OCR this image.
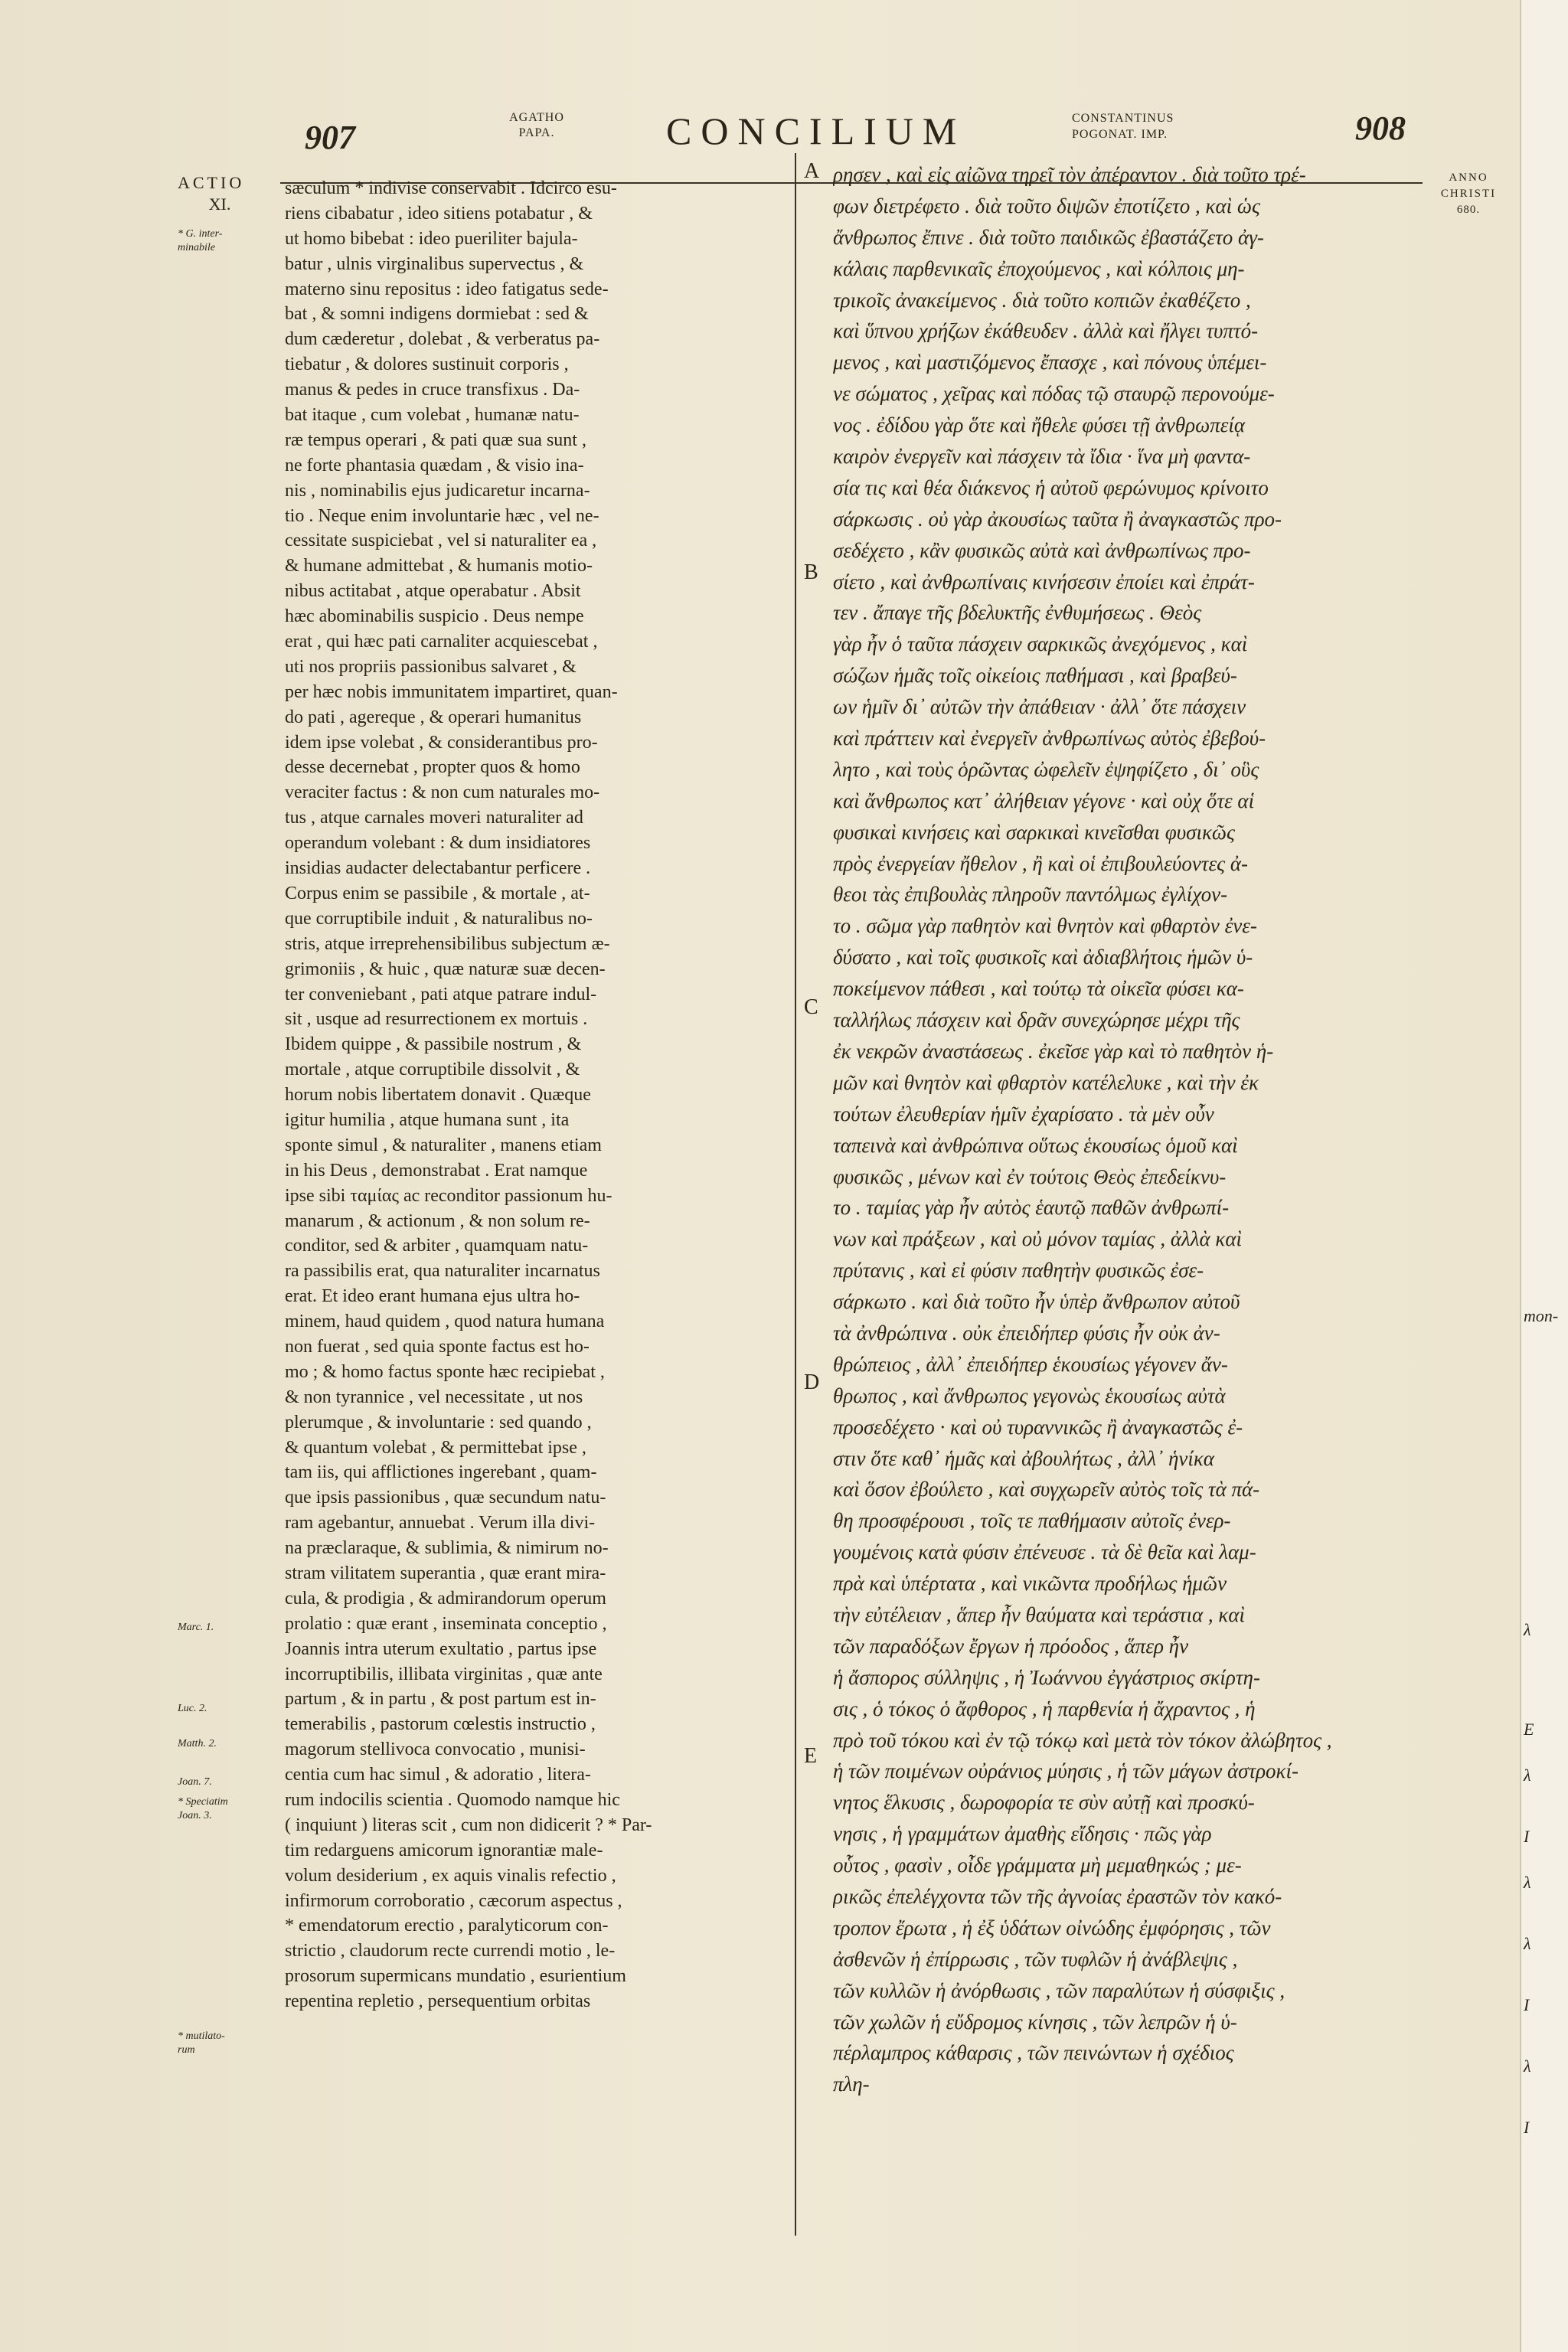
907
AGATHO
PAPA.	CONCILIUM	CONSTANTINUS
POGONAT. IMP.	908
ACTIO
XI.
* G. inter-
minabile
Marc. 1.
Luc. 2.
Matth. 2.
Joan. 7.
* Speciatim
Joan. 3.
* mutilato-
rum
ANNO
CHRISTI
680.
sæculum * indivise conservabit . Idcirco esu-
riens cibabatur , ideo sitiens potabatur , &
ut homo bibebat : ideo pueriliter bajula-
batur , ulnis virginalibus supervectus , &
materno sinu repositus : ideo fatigatus sede-
bat , & somni indigens dormiebat : sed &
dum cæderetur , dolebat , & verberatus pa-
tiebatur , & dolores sustinuit corporis ,
manus & pedes in cruce transfixus . Da-
bat itaque , cum volebat , humanæ natu-
ræ tempus operari , & pati quæ sua sunt ,
ne forte phantasia quædam , & visio ina-
nis , nominabilis ejus judicaretur incarna-
tio . Neque enim involuntarie hæc , vel ne-
cessitate suspiciebat , vel si naturaliter ea ,
& humane admittebat , & humanis motio-
nibus actitabat , atque operabatur . Absit
hæc abominabilis suspicio . Deus nempe
erat , qui hæc pati carnaliter acquiescebat ,
uti nos propriis passionibus salvaret , &
per hæc nobis immunitatem impartiret, quan-
do pati , agereque , & operari humanitus
idem ipse volebat , & considerantibus pro-
desse decernebat , propter quos & homo
veraciter factus : & non cum naturales mo-
tus , atque carnales moveri naturaliter ad
operandum volebant : & dum insidiatores
insidias audacter delectabantur perficere .
Corpus enim se passibile , & mortale , at-
que corruptibile induit , & naturalibus no-
stris, atque irreprehensibilibus subjectum æ-
grimoniis , & huic , quæ naturæ suæ decen-
ter conveniebant , pati atque patrare indul-
sit , usque ad resurrectionem ex mortuis .
Ibidem quippe , & passibile nostrum , &
mortale , atque corruptibile dissolvit , &
horum nobis libertatem donavit . Quæque
igitur humilia , atque humana sunt , ita
sponte simul , & naturaliter , manens etiam
in his Deus , demonstrabat . Erat namque
ipse sibi ταμίας ac reconditor passionum hu-
manarum , & actionum , & non solum re-
conditor, sed & arbiter , quamquam natu-
ra passibilis erat, qua naturaliter incarnatus
erat. Et ideo erant humana ejus ultra ho-
minem, haud quidem , quod natura humana
non fuerat , sed quia sponte factus est ho-
mo ; & homo factus sponte hæc recipiebat ,
& non tyrannice , vel necessitate , ut nos
plerumque , & involuntarie : sed quando ,
& quantum volebat , & permittebat ipse ,
tam iis, qui afflictiones ingerebant , quam-
que ipsis passionibus , quæ secundum natu-
ram agebantur, annuebat . Verum illa divi-
na præclaraque, & sublimia, & nimirum no-
stram vilitatem superantia , quæ erant mira-
cula, & prodigia , & admirandorum operum
prolatio : quæ erant , inseminata conceptio ,
Joannis intra uterum exultatio , partus ipse
incorruptibilis, illibata virginitas , quæ ante
partum , & in partu , & post partum est in-
temerabilis , pastorum cœlestis instructio ,
magorum stellivoca convocatio , munisi-
centia cum hac simul , & adoratio , litera-
rum indocilis scientia . Quomodo namque hic
( inquiunt ) literas scit , cum non didicerit ? * Par-
tim redarguens amicorum ignorantiæ male-
volum desiderium , ex aquis vinalis refectio ,
infirmorum corroboratio , cæcorum aspectus ,
* emendatorum erectio , paralyticorum con-
strictio , claudorum recte currendi motio , le-
prosorum supermicans mundatio , esurientium
repentina repletio , persequentium orbitas
ρησεν , καὶ εἰς αἰῶνα τηρεῖ τὸν ἀπέραντον . διὰ τοῦτο τρέ-
φων διετρέφετο . διὰ τοῦτο διψῶν ἐποτίζετο , καὶ ὡς
ἄνθρωπος ἔπινε . διὰ τοῦτο παιδικῶς ἐβαστάζετο ἀγ-
κάλαις παρθενικαῖς ἐποχούμενος , καὶ κόλποις μη-
τρικοῖς ἀνακείμενος . διὰ τοῦτο κοπιῶν ἐκαθέζετο ,
καὶ ὕπνου χρήζων ἐκάθευδεν . ἀλλὰ καὶ ἤλγει τυπτό-
μενος , καὶ μαστιζόμενος ἔπασχε , καὶ πόνους ὑπέμει-
νε σώματος , χεῖρας καὶ πόδας τῷ σταυρῷ περονούμε-
νος . ἐδίδου γὰρ ὅτε καὶ ἤθελε φύσει τῇ ἀνθρωπείᾳ
καιρὸν ἐνεργεῖν καὶ πάσχειν τὰ ἴδια · ἵνα μὴ φαντα-
σία τις καὶ θέα διάκενος ἡ αὐτοῦ φερώνυμος κρίνοιτο
σάρκωσις . οὐ γὰρ ἀκουσίως ταῦτα ἢ ἀναγκαστῶς προ-
σεδέχετο , κἂν φυσικῶς αὐτὰ καὶ ἀνθρωπίνως προ-
σίετο , καὶ ἀνθρωπίναις κινήσεσιν ἐποίει καὶ ἐπράτ-
τεν . ἄπαγε τῆς βδελυκτῆς ἐνθυμήσεως . Θεὸς
γὰρ ἦν ὁ ταῦτα πάσχειν σαρκικῶς ἀνεχόμενος , καὶ
σώζων ἡμᾶς τοῖς οἰκείοις παθήμασι , καὶ βραβεύ-
ων ἡμῖν δι᾽ αὐτῶν τὴν ἀπάθειαν · ἀλλ᾽ ὅτε πάσχειν
καὶ πράττειν καὶ ἐνεργεῖν ἀνθρωπίνως αὐτὸς ἐβεβού-
λητο , καὶ τοὺς ὁρῶντας ὠφελεῖν ἐψηφίζετο , δι᾽ οὓς
καὶ ἄνθρωπος κατ᾽ ἀλήθειαν γέγονε · καὶ οὐχ ὅτε αἱ
φυσικαὶ κινήσεις καὶ σαρκικαὶ κινεῖσθαι φυσικῶς
πρὸς ἐνεργείαν ἤθελον , ἢ καὶ οἱ ἐπιβουλεύοντες ἀ-
θεοι τὰς ἐπιβουλὰς πληροῦν παντόλμως ἐγλίχον-
το . σῶμα γὰρ παθητὸν καὶ θνητὸν καὶ φθαρτὸν ἐνε-
δύσατο , καὶ τοῖς φυσικοῖς καὶ ἀδιαβλήτοις ἡμῶν ὑ-
ποκείμενον πάθεσι , καὶ τούτῳ τὰ οἰκεῖα φύσει κα-
ταλλήλως πάσχειν καὶ δρᾶν συνεχώρησε μέχρι τῆς
ἐκ νεκρῶν ἀναστάσεως . ἐκεῖσε γὰρ καὶ τὸ παθητὸν ἡ-
μῶν καὶ θνητὸν καὶ φθαρτὸν κατέλελυκε , καὶ τὴν ἐκ
τούτων ἐλευθερίαν ἡμῖν ἐχαρίσατο . τὰ μὲν οὖν
ταπεινὰ καὶ ἀνθρώπινα οὕτως ἑκουσίως ὁμοῦ καὶ
φυσικῶς , μένων καὶ ἐν τούτοις Θεὸς ἐπεδείκνυ-
το . ταμίας γὰρ ἦν αὐτὸς ἑαυτῷ παθῶν ἀνθρωπί-
νων καὶ πράξεων , καὶ οὐ μόνον ταμίας , ἀλλὰ καὶ
πρύτανις , καὶ εἰ φύσιν παθητὴν φυσικῶς ἐσε-
σάρκωτο . καὶ διὰ τοῦτο ἦν ὑπὲρ ἄνθρωπον αὐτοῦ
τὰ ἀνθρώπινα . οὐκ ἐπειδήπερ φύσις ἦν οὐκ ἀν-
θρώπειος , ἀλλ᾽ ἐπειδήπερ ἑκουσίως γέγονεν ἄν-
θρωπος , καὶ ἄνθρωπος γεγονὼς ἑκουσίως αὐτὰ
προσεδέχετο · καὶ οὐ τυραννικῶς ἢ ἀναγκαστῶς ἐ-
στιν ὅτε καθ᾽ ἡμᾶς καὶ ἀβουλήτως , ἀλλ᾽ ἡνίκα
καὶ ὅσον ἐβούλετο , καὶ συγχωρεῖν αὐτὸς τοῖς τὰ πά-
θη προσφέρουσι , τοῖς τε παθήμασιν αὐτοῖς ἐνερ-
γουμένοις κατὰ φύσιν ἐπένευσε . τὰ δὲ θεῖα καὶ λαμ-
πρὰ καὶ ὑπέρτατα , καὶ νικῶντα προδήλως ἡμῶν
τὴν εὐτέλειαν , ἅπερ ἦν θαύματα καὶ τεράστια , καὶ
τῶν παραδόξων ἔργων ἡ πρόοδος , ἅπερ ἦν
ἡ ἄσπορος σύλληψις , ἡ Ἰωάννου ἐγγάστριος σκίρτη-
σις , ὁ τόκος ὁ ἄφθορος , ἡ παρθενία ἡ ἄχραντος , ἡ
πρὸ τοῦ τόκου καὶ ἐν τῷ τόκῳ καὶ μετὰ τὸν τόκον ἀλώβητος ,
ἡ τῶν ποιμένων οὐράνιος μύησις , ἡ τῶν μάγων ἀστροκί-
νητος ἕλκυσις , δωροφορία τε σὺν αὐτῇ καὶ προσκύ-
νησις , ἡ γραμμάτων ἀμαθὴς εἴδησις · πῶς γὰρ
οὗτος , φασὶν , οἶδε γράμματα μὴ μεμαθηκώς ; με-
ρικῶς ἐπελέγχοντα τῶν τῆς ἀγνοίας ἐραστῶν τὸν κακό-
τροπον ἔρωτα , ἡ ἐξ ὑδάτων οἰνώδης ἐμφόρησις , τῶν
ἀσθενῶν ἡ ἐπίρρωσις , τῶν τυφλῶν ἡ ἀνάβλεψις ,
τῶν κυλλῶν ἡ ἀνόρθωσις , τῶν παραλύτων ἡ σύσφιξις ,
τῶν χωλῶν ἡ εὔδρομος κίνησις , τῶν λεπρῶν ἡ ὑ-
πέρλαμπρος κάθαρσις , τῶν πεινώντων ἡ σχέδιος
πλη-
A
B
C
D
E
mon-
λ
Ε
λ
Ι
λ
λ
Ι
λ
Ι
